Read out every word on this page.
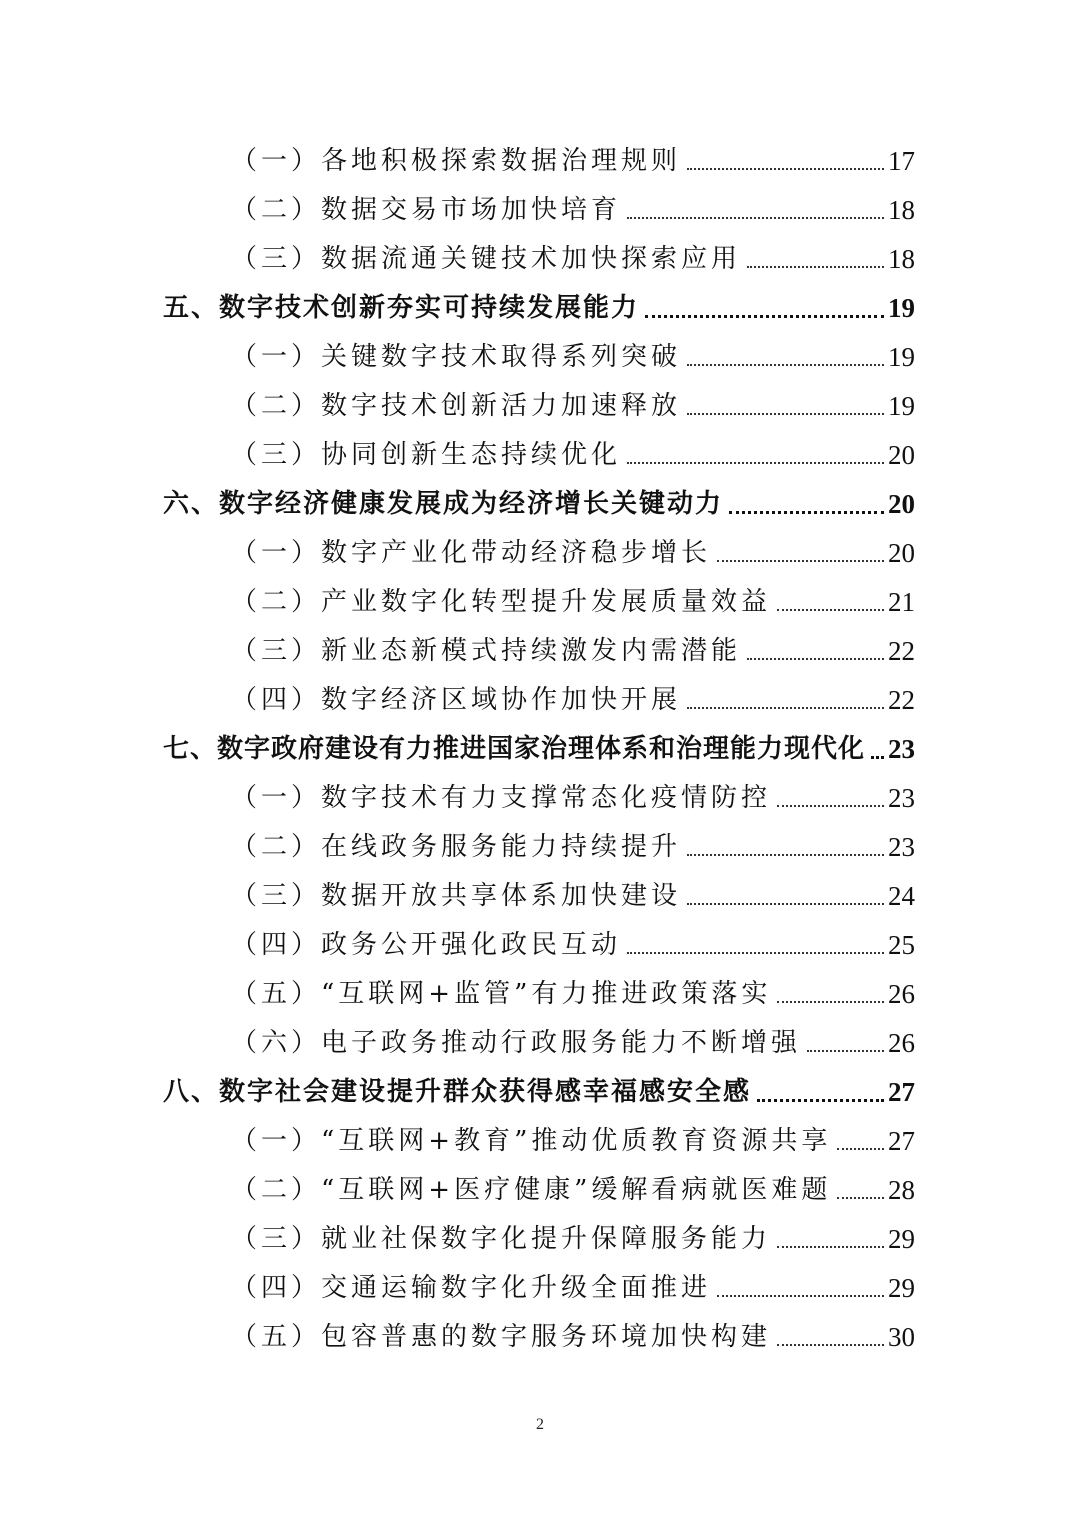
（一）各地积极探索数据治理规则	17
（二）数据交易市场加快培育	18
（三）数据流通关键技术加快探索应用	18
五、数字技术创新夯实可持续发展能力	19
（一）关键数字技术取得系列突破	19
（二）数字技术创新活力加速释放	19
（三）协同创新生态持续优化	20
六、数字经济健康发展成为经济增长关键动力	20
（一）数字产业化带动经济稳步增长	20
（二）产业数字化转型提升发展质量效益	21
（三）新业态新模式持续激发内需潜能	22
（四）数字经济区域协作加快开展	22
七、数字政府建设有力推进国家治理体系和治理能力现代化 23
（一）数字技术有力支撑常态化疫情防控	23
（二）在线政务服务能力持续提升	23
（三）数据开放共享体系加快建设	24
（四）政务公开强化政民互动	25
（五）“互联网+监管”有力推进政策落实	26
（六）电子政务推动行政服务能力不断增强	26
八、数字社会建设提升群众获得感幸福感安全感	27
（一）“互联网+教育”推动优质教育资源共享 27
（二）“互联网+医疗健康”缓解看病就医难题 28
（三）就业社保数字化提升保障服务能力	29
（四）交通运输数字化升级全面推进	29
（五）包容普惠的数字服务环境加快构建	30
2
